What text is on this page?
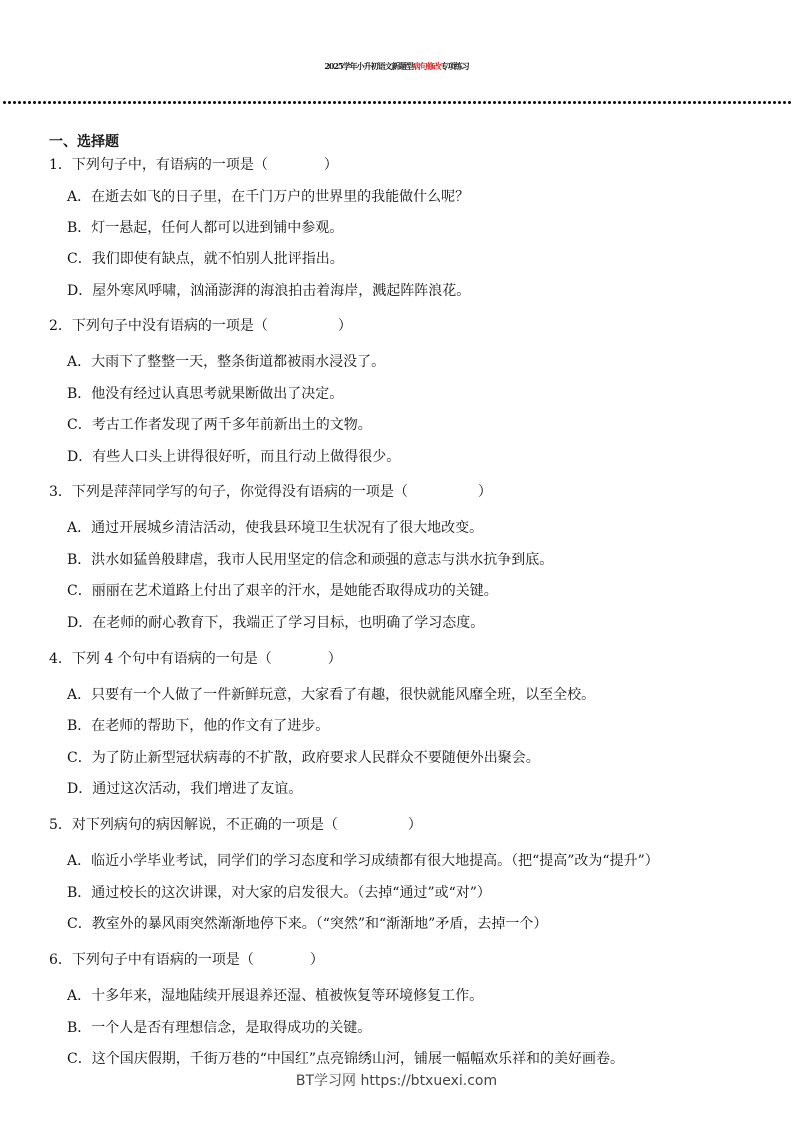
2025学年小升初语文新题型病句修改专项练习
一、选择题
1．下列句子中，有语病的一项是（　　　　）
A．在逝去如飞的日子里，在千门万户的世界里的我能做什么呢？
B．灯一悬起，任何人都可以进到铺中参观。
C．我们即使有缺点，就不怕别人批评指出。
D．屋外寒风呼啸，汹涌澎湃的海浪拍击着海岸，溅起阵阵浪花。
2．下列句子中没有语病的一项是（　　　　　）
A．大雨下了整整一天，整条街道都被雨水浸没了。
B．他没有经过认真思考就果断做出了决定。
C．考古工作者发现了两千多年前新出土的文物。
D．有些人口头上讲得很好听，而且行动上做得很少。
3．下列是萍萍同学写的句子，你觉得没有语病的一项是（　　　　　）
A．通过开展城乡清洁活动，使我县环境卫生状况有了很大地改变。
B．洪水如猛兽般肆虐，我市人民用坚定的信念和顽强的意志与洪水抗争到底。
C．丽丽在艺术道路上付出了艰辛的汗水，是她能否取得成功的关键。
D．在老师的耐心教育下，我端正了学习目标，也明确了学习态度。
4．下列 4 个句中有语病的一句是（　　　　）
A．只要有一个人做了一件新鲜玩意，大家看了有趣，很快就能风靡全班，以至全校。
B．在老师的帮助下，他的作文有了进步。
C．为了防止新型冠状病毒的不扩散，政府要求人民群众不要随便外出聚会。
D．通过这次活动，我们增进了友谊。
5．对下列病句的病因解说，不正确的一项是（　　　　　）
A．临近小学毕业考试，同学们的学习态度和学习成绩都有很大地提高。（把“提高”改为“提升”）
B．通过校长的这次讲课，对大家的启发很大。（去掉“通过”或“对”）
C．教室外的暴风雨突然渐渐地停下来。（“突然”和“渐渐地”矛盾，去掉一个）
6．下列句子中有语病的一项是（　　　　）
A．十多年来，湿地陆续开展退养还湿、植被恢复等环境修复工作。
B．一个人是否有理想信念，是取得成功的关键。
C．这个国庆假期，千街万巷的“中国红”点亮锦绣山河，铺展一幅幅欢乐祥和的美好画卷。
BT学习网 https://btxuexi.com
